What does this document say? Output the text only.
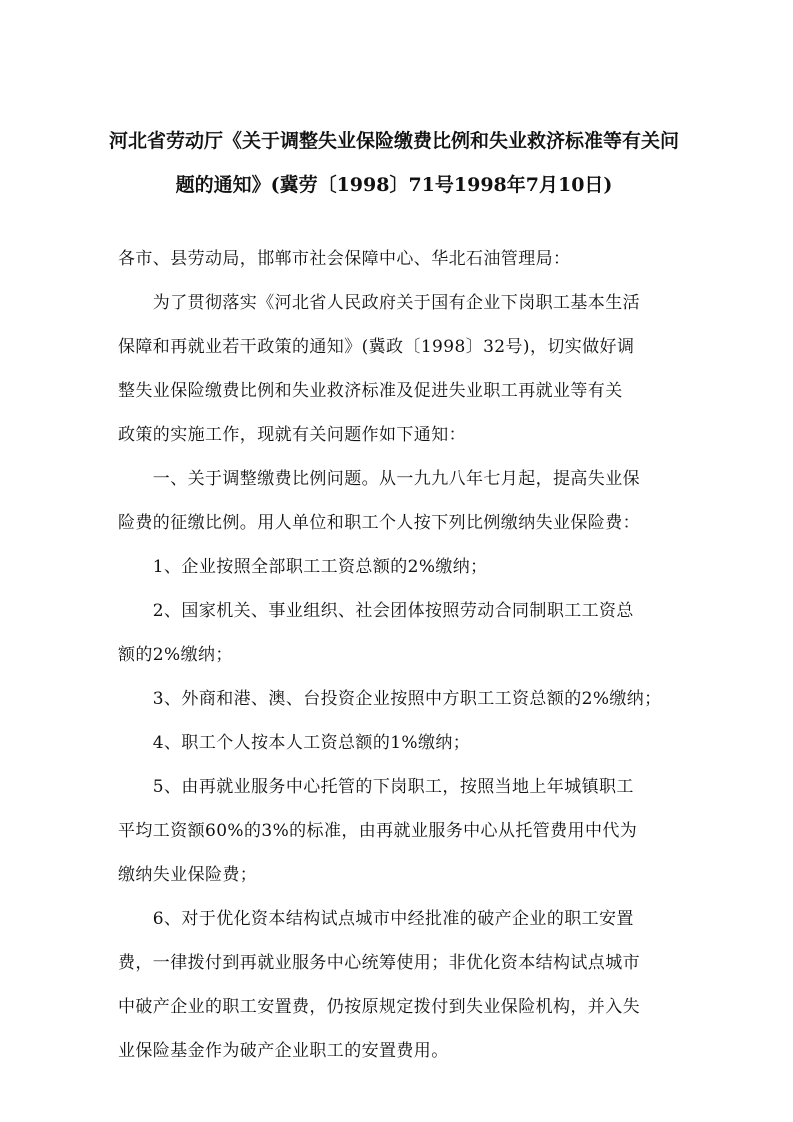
河北省劳动厅《关于调整失业保险缴费比例和失业救济标准等有关问
题的通知》(冀劳〔1998〕71号1998年7月10日)
各市、县劳动局，邯郸市社会保障中心、华北石油管理局：
　　为了贯彻落实《河北省人民政府关于国有企业下岗职工基本生活
保障和再就业若干政策的通知》(冀政〔1998〕32号)，切实做好调
整失业保险缴费比例和失业救济标准及促进失业职工再就业等有关
政策的实施工作，现就有关问题作如下通知：
　　一、关于调整缴费比例问题。从一九九八年七月起，提高失业保
险费的征缴比例。用人单位和职工个人按下列比例缴纳失业保险费：
　　1、企业按照全部职工工资总额的2%缴纳；
　　2、国家机关、事业组织、社会团体按照劳动合同制职工工资总
额的2%缴纳；
　　3、外商和港、澳、台投资企业按照中方职工工资总额的2%缴纳；
　　4、职工个人按本人工资总额的1%缴纳；
　　5、由再就业服务中心托管的下岗职工，按照当地上年城镇职工
平均工资额60%的3%的标准，由再就业服务中心从托管费用中代为
缴纳失业保险费；
　　6、对于优化资本结构试点城市中经批准的破产企业的职工安置
费，一律拨付到再就业服务中心统筹使用；非优化资本结构试点城市
中破产企业的职工安置费，仍按原规定拨付到失业保险机构，并入失
业保险基金作为破产企业职工的安置费用。
